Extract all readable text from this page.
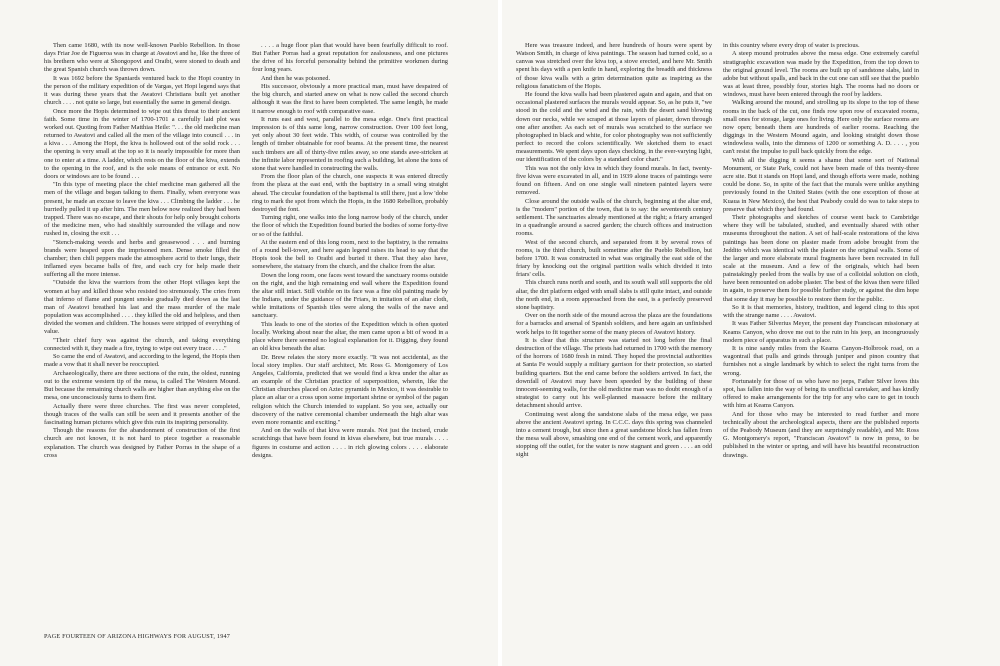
Then came 1680, with its now well-known Pueblo Rebellion. In those days Friar Joe de Figueroa was in charge at Awatovi and he, like the three of his brethern who were at Shongopovi and Oraibi, were stoned to death and the great Spanish church was thrown down.

It was 1692 before the Spaniards ventured back to the Hopi country in the person of the military expedition of de Vargas, yet Hopi legend says that it was during these years that the Awatovi Christians built yet another church . . . . not quite so large, but essentially the same in general design.

Once more the Hopis determined to wipe out this threat to their ancient faith. Some time in the winter of 1700-1701 a carefully laid plot was worked out. Quoting from Father Matthias Heile: ". . . the old medicine man returned to Awatovi and called all the men of the village into council . . . in a kiva . . . Among the Hopi, the kiva is hollowed out of the solid rock . . . the opening is very small at the top so it is nearly impossible for more than one to enter at a time. A ladder, which rests on the floor of the kiva, extends to the opening in the roof, and is the sole means of entrance or exit. No doors or windows are to be found . . .

"In this type of meeting place the chief medicine man gathered all the men of the village and began talking to them. Finally, when everyone was present, he made an excuse to leave the kiva . . . Climbing the ladder . . . he hurriedly pulled it up after him. The men below now realized they had been trapped. There was no escape, and their shouts for help only brought cohorts of the medicine men, who had stealthily surrounded the village and now rushed in, closing the exit . . .

"Stench-making weeds and herbs and greasewood . . . and burning brands were heaped upon the imprisoned men. Dense smoke filled the chamber; then chili peppers made the atmosphere acrid to their lungs, their inflamed eyes became balls of fire, and each cry for help made their suffering all the more intense.

"Outside the kiva the warriors from the other Hopi villages kept the women at bay and killed those who resisted too strenuously. The cries from that inferno of flame and pungent smoke gradually died down as the last man of Awatovi breathed his last and the mass murder of the male population was accomplished . . . . they killed the old and helpless, and then divided the women and children. The houses were stripped of everything of value.

"Their chief fury was against the church, and taking everything connected with it, they made a fire, trying to wipe out every trace . . . ."

So came the end of Awatovi, and according to the legend, the Hopis then made a vow that it shall never be reoccupied.

Archaeologically, there are three sections of the ruin, the oldest, running out to the extreme western tip of the mesa, is called The Western Mound. But because the remaining church walls are higher than anything else on the mesa, one unconsciously turns to them first.

Actually there were three churches. The first was never completed, though traces of the walls can still be seen and it presents another of the fascinating human pictures which give this ruin its inspiring personality.

Though the reasons for the abandonment of construction of the first church are not known, it is not hard to piece together a reasonable explanation. The church was designed by Father Porras in the shape of a cross

. . . . a huge floor plan that would have been fearfully difficult to roof. But Father Porras had a great reputation for zealousness, and one pictures the drive of his forceful personality behind the primitive workmen during four long years.

And then he was poisoned.

His successor, obviously a more practical man, must have despaired of the big church, and started anew on what is now called the second church although it was the first to have been completed. The same length, he made it narrow enough to roof with comparative ease.

It runs east and west, parallel to the mesa edge. One's first practical impression is of this same long, narrow construction. Over 100 feet long, yet only about 30 feet wide. This width, of course was controlled by the length of timber obtainable for roof beams. At the present time, the nearest such timbers are all of thirty-five miles away, so one stands awe-stricken at the infinite labor represented in roofing such a building, let alone the tons of stone that were handled in constructing the walls.

From the floor plan of the church, one suspects it was entered directly from the plaza at the east end, with the baptistry in a small wing straight ahead. The circular foundation of the baptismal is still there, just a low 'dobe ring to mark the spot from which the Hopis, in the 1680 Rebellion, probably destroyed the font.

Turning right, one walks into the long narrow body of the church, under the floor of which the Expedition found buried the bodies of some forty-five or so of the faithful.

At the eastern end of this long room, next to the baptistry, is the remains of a round bell-tower, and here again legend raises its head to say that the Hopis took the bell to Oraibi and buried it there. That they also have, somewhere, the statuary from the church, and the chalice from the altar.

Down the long room, one faces west toward the sanctuary rooms outside on the right, and the high remaining end wall where the Expedition found the altar still intact. Still visible on its face was a fine old painting made by the Indians, under the guidance of the Friars, in imitation of an altar cloth, while imitations of Spanish tiles were along the walls of the nave and sanctuary.

This leads to one of the stories of the Expedition which is often quoted locally. Working about near the altar, the men came upon a bit of wood in a place where there seemed no logical explanation for it. Digging, they found an old kiva beneath the altar.

Dr. Brew relates the story more exactly. "It was not accidental, as the local story implies. Our staff architect, Mr. Ross G. Montgomery of Los Angeles, California, predicted that we would find a kiva under the altar as an example of the Christian practice of superposition, wherein, like the Christian churches placed on Aztec pyramids in Mexico, it was desirable to place an altar or a cross upon some important shrine or symbol of the pagan religion which the Church intended to supplant. So you see, actually our discovery of the native ceremonial chamber underneath the high altar was even more romantic and exciting."

And on the walls of that kiva were murals. Not just the incised, crude scratchings that have been found in kivas elsewhere, but true murals . . . . figures in costume and action . . . . in rich glowing colors . . . . elaborate designs.

PAGE FOURTEEN OF ARIZONA HIGHWAYS FOR AUGUST, 1947

Here was treasure indeed, and here hundreds of hours were spent by Watson Smith, in charge of kiva paintings. The season had turned cold, so a canvas was stretched over the kiva top, a stove erected, and here Mr. Smith spent his days with a pen knife in hand, exploring the breadth and thickness of those kiva walls with a grim determination quite as inspiring as the religious fanaticism of the Hopis.

He found the kiva walls had been plastered again and again, and that on occasional plastered surfaces the murals would appear. So, as he puts it, "we stood in the cold and the wind and the rain, with the desert sand blowing down our necks, while we scraped at those layers of plaster, down through one after another. As each set of murals was scratched to the surface we photographed in black and white, for color photography was not sufficiently perfect to record the colors scientifically. We sketched them to exact measurements. We spent days upon days checking, in the ever-varying light, our identification of the colors by a standard color chart."

This was not the only kiva in which they found murals. In fact, twenty-five kivas were excavated in all, and in 1939 alone traces of paintings were found on fifteen. And on one single wall nineteen painted layers were removed.

Close around the outside walls of the church, beginning at the altar end, is the "modern" portion of the town, that is to say: the seventeenth century settlement. The sanctuaries already mentioned at the right; a friary arranged in a quadrangle around a sacred garden; the church offices and instruction rooms.

West of the second church, and separated from it by several rows of rooms, is the third church, built sometime after the Pueblo Rebellion, but before 1700. It was constructed in what was originally the east side of the friary by knocking out the original partition walls which divided it into friars' cells.

This church runs north and south, and its south wall still supports the old altar, the dirt platform edged with small slabs is still quite intact, and outside the north end, in a room approached from the east, is a perfectly preserved stone baptistry.

Over on the north side of the mound across the plaza are the foundations for a barracks and arsenal of Spanish soldiers, and here again an unfinished work helps to fit together some of the many pieces of Awatovi history.

It is clear that this structure was started not long before the final destruction of the village. The priests had returned in 1700 with the memory of the horrors of 1680 fresh in mind. They hoped the provincial authorities at Santa Fe would supply a military garrison for their protection, so started building quarters. But the end came before the soldiers arrived. In fact, the downfall of Awatovi may have been speeded by the building of these innocent-seeming walls, for the old medicine man was no doubt enough of a strategist to carry out his well-planned massacre before the military detachment should arrive.

Continuing west along the sandstone slabs of the mesa edge, we pass above the ancient Awatovi spring. In C.C.C. days this spring was channeled into a cement trough, but since then a great sandstone block has fallen from the mesa wall above, smashing one end of the cement work, and apparently stopping off the outlet, for the water is now stagnant and green . . . . an odd sight

in this country where every drop of water is precious.

A steep mound protrudes above the mesa edge. One extremely careful stratigraphic excavation was made by the Expedition, from the top down to the original ground level. The rooms are built up of sandstone slabs, laid in adobe but without spalls, and back in the cut one can still see that the pueblo was at least three, possibly four, stories high. The rooms had no doors or windows, must have been entered through the roof by ladders.

Walking around the mound, and strolling up its slope to the top of these rooms in the back of the cut, one finds row upon row of excavated rooms, small ones for storage, large ones for living. Here only the surface rooms are now open; beneath them are hundreds of earlier rooms. Reaching the diggings in the Western Mound again, and looking straight down those windowless walls, into the dimness of 1200 or something A. D. . . . , you can't resist the impulse to pull back quickly from the edge.

With all the digging it seems a shame that some sort of National Monument, or State Park, could not have been made of this twenty-three acre site. But it stands on Hopi land, and though efforts were made, nothing could be done. So, in spite of the fact that the murals were unlike anything previously found in the United States (with the one exception of those at Kuaua in New Mexico), the best that Peabody could do was to take steps to preserve that which they had found.

Their photographs and sketches of course went back to Cambridge where they will be tabulated, studied, and eventually shared with other museums throughout the nation. A set of half-scale restorations of the kiva paintings has been done on plaster made from adobe brought from the Jeddito which was identical with the plaster on the original walls. Some of the larger and more elaborate mural fragments have been recreated in full scale at the museum. And a few of the originals, which had been painstakingly peeled from the walls by use of a colloidal solution on cloth, have been remounted on adobe plaster. The best of the kivas then were filled in again, to preserve them for possible further study, or against the dim hope that some day it may be possible to restore them for the public.

So it is that memories, history, tradition, and legend cling to this spot with the strange name . . . . Awatovi.

It was Father Silverius Meyer, the present day Franciscan missionary at Keams Canyon, who drove me out to the ruin in his jeep, an incongruously modern piece of apparatus in such a place.

It is nine sandy miles from the Keams Canyon-Holbrook road, on a wagontrail that pulls and grinds through juniper and pinon country that furnishes not a single landmark by which to select the right turns from the wrong.

Fortunately for those of us who have no jeeps, Father Silver loves this spot, has fallen into the way of being its unofficial caretaker, and has kindly offered to make arrangements for the trip for any who care to get in touch with him at Keams Canyon.

And for those who may be interested to read further and more technically about the archeological aspects, there are the published reports of the Peabody Museum (and they are surprisingly readable), and Mr. Ross G. Montgomery's report, "Franciscan Awatovi" is now in press, to be published in the winter or spring, and will have his beautiful reconstruction drawings.
